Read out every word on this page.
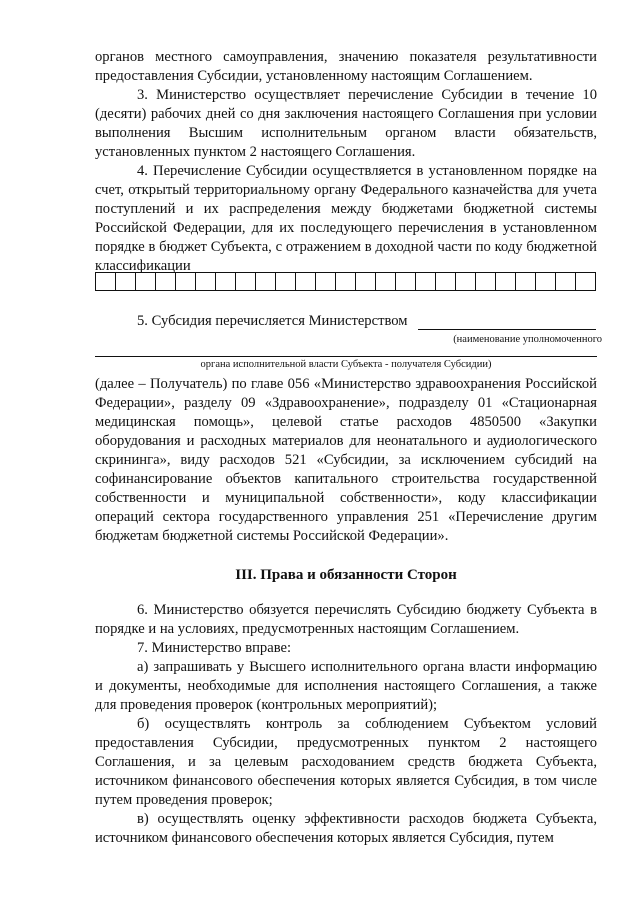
органов местного самоуправления, значению показателя результативности предоставления Субсидии, установленному настоящим Соглашением.

3. Министерство осуществляет перечисление Субсидии в течение 10 (десяти) рабочих дней со дня заключения настоящего Соглашения при условии выполнения Высшим исполнительным органом власти обязательств, установленных пунктом 2 настоящего Соглашения.

4. Перечисление Субсидии осуществляется в установленном порядке на счет, открытый территориальному органу Федерального казначейства для учета поступлений и их распределения между бюджетами бюджетной системы Российской Федерации, для их последующего перечисления в установленном порядке в бюджет Субъекта, с отражением в доходной части по коду бюджетной классификации

5. Субсидия перечисляется Министерством

(наименование уполномоченного
органа исполнительной власти Субъекта - получателя Субсидии)

(далее – Получатель) по главе 056 «Министерство здравоохранения Российской Федерации», разделу 09 «Здравоохранение», подразделу 01 «Стационарная медицинская помощь», целевой статье расходов 4850500 «Закупки оборудования и расходных материалов для неонатального и аудиологического скрининга», виду расходов 521 «Субсидии, за исключением субсидий на софинансирование объектов капитального строительства государственной собственности и муниципальной собственности», коду классификации операций сектора государственного управления 251 «Перечисление другим бюджетам бюджетной системы Российской Федерации».

III. Права и обязанности Сторон

6. Министерство обязуется перечислять Субсидию бюджету Субъекта в порядке и на условиях, предусмотренных настоящим Соглашением.

7. Министерство вправе:

а) запрашивать у Высшего исполнительного органа власти информацию и документы, необходимые для исполнения настоящего Соглашения, а также для проведения проверок (контрольных мероприятий);

б) осуществлять контроль за соблюдением Субъектом условий предоставления Субсидии, предусмотренных пунктом 2 настоящего Соглашения, и за целевым расходованием средств бюджета Субъекта, источником финансового обеспечения которых является Субсидия, в том числе путем проведения проверок;

в) осуществлять оценку эффективности расходов бюджета Субъекта, источником финансового обеспечения которых является Субсидия, путем
